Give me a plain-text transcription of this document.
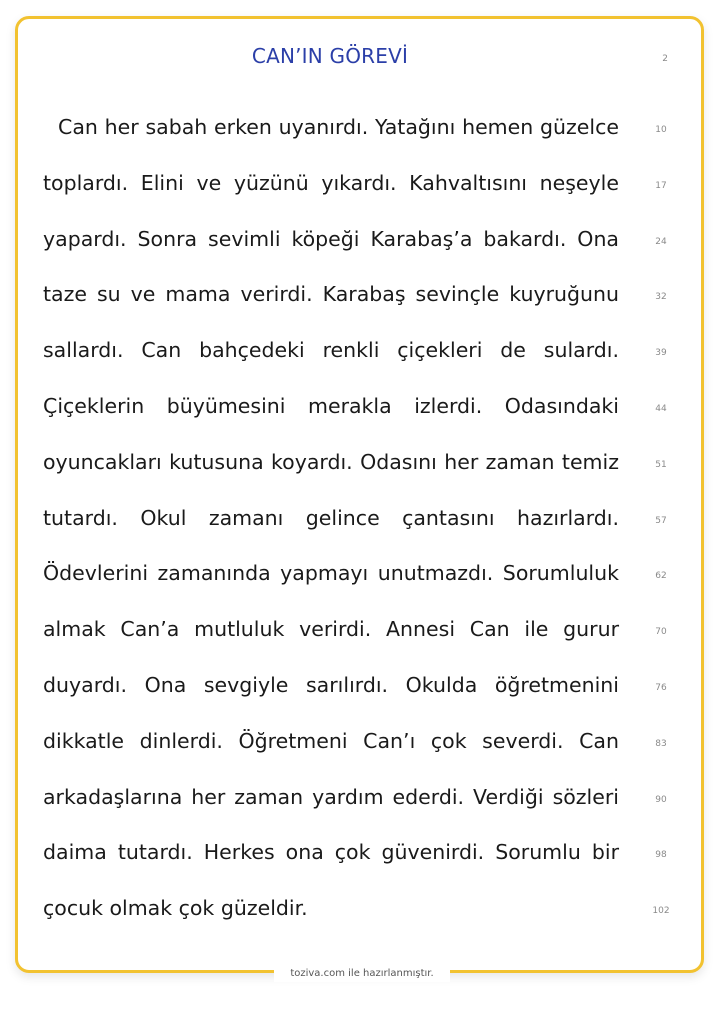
CAN’IN GÖREVİ	2
Can her sabah erken uyanırdı. Yatağını hemen güzelce	10
toplardı. Elini ve yüzünü yıkardı. Kahvaltısını neşeyle	17
yapardı. Sonra sevimli köpeği Karabaş’a bakardı. Ona	24
taze su ve mama verirdi. Karabaş sevinçle kuyruğunu	32
sallardı. Can bahçedeki renkli çiçekleri de sulardı.	39
Çiçeklerin büyümesini merakla izlerdi. Odasındaki	44
oyuncakları kutusuna koyardı. Odasını her zaman temiz	51
tutardı. Okul zamanı gelince çantasını hazırlardı.	57
Ödevlerini zamanında yapmayı unutmazdı. Sorumluluk	62
almak Can’a mutluluk verirdi. Annesi Can ile gurur	70
duyardı. Ona sevgiyle sarılırdı. Okulda öğretmenini	76
dikkatle dinlerdi. Öğretmeni Can’ı çok severdi. Can	83
arkadaşlarına her zaman yardım ederdi. Verdiği sözleri	90
daima tutardı. Herkes ona çok güvenirdi. Sorumlu bir	98
çocuk olmak çok güzeldir.	102
toziva.com ile hazırlanmıştır.
